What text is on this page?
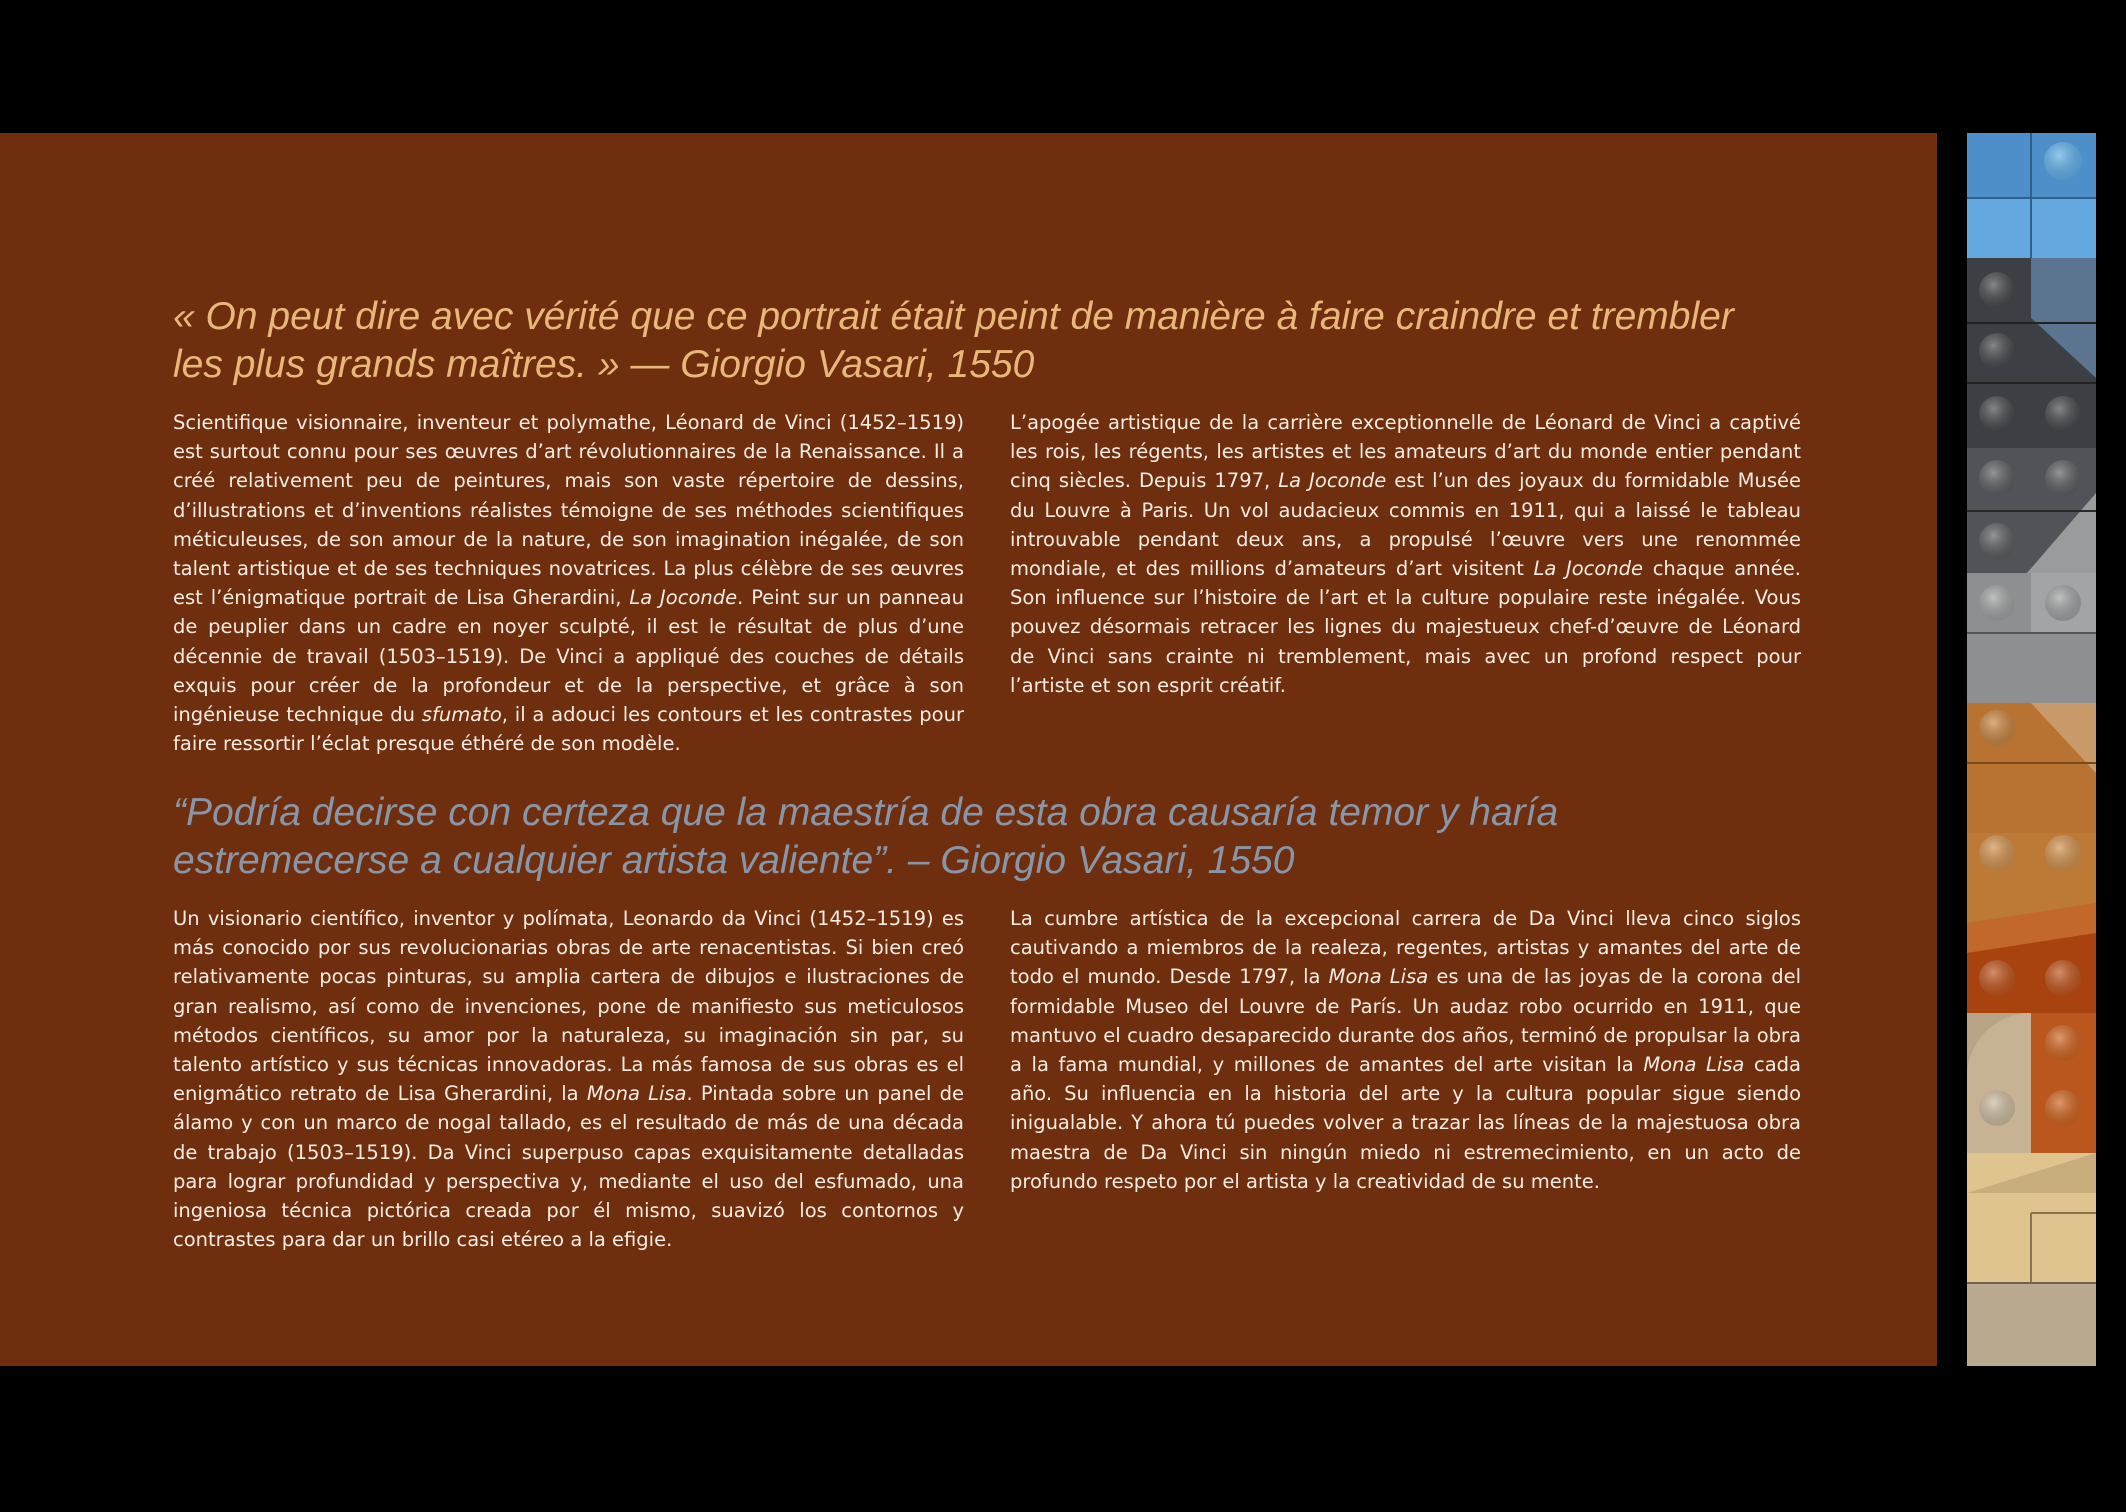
« On peut dire avec vérité que ce portrait était peint de manière à faire craindre et trembler les plus grands maîtres. » — Giorgio Vasari, 1550

Scientifique visionnaire, inventeur et polymathe, Léonard de Vinci (1452–1519) est surtout connu pour ses œuvres d’art révolutionnaires de la Renaissance. Il a créé relativement peu de peintures, mais son vaste répertoire de dessins, d’illustrations et d’inventions réalistes témoigne de ses méthodes scientifiques méticuleuses, de son amour de la nature, de son imagination inégalée, de son talent artistique et de ses techniques novatrices. La plus célèbre de ses œuvres est l’énigmatique portrait de Lisa Gherardini, La Joconde. Peint sur un panneau de peuplier dans un cadre en noyer sculpté, il est le résultat de plus d’une décennie de travail (1503–1519). De Vinci a appliqué des couches de détails exquis pour créer de la profondeur et de la perspective, et grâce à son ingénieuse technique du sfumato, il a adouci les contours et les contrastes pour faire ressortir l’éclat presque éthéré de son modèle.

L’apogée artistique de la carrière exceptionnelle de Léonard de Vinci a captivé les rois, les régents, les artistes et les amateurs d’art du monde entier pendant cinq siècles. Depuis 1797, La Joconde est l’un des joyaux du formidable Musée du Louvre à Paris. Un vol audacieux commis en 1911, qui a laissé le tableau introuvable pendant deux ans, a propulsé l’œuvre vers une renommée mondiale, et des millions d’amateurs d’art visitent La Joconde chaque année. Son influence sur l’histoire de l’art et la culture populaire reste inégalée. Vous pouvez désormais retracer les lignes du majestueux chef-d’œuvre de Léonard de Vinci sans crainte ni tremblement, mais avec un profond respect pour l’artiste et son esprit créatif.

“Podría decirse con certeza que la maestría de esta obra causaría temor y haría estremecerse a cualquier artista valiente”. – Giorgio Vasari, 1550

Un visionario científico, inventor y polímata, Leonardo da Vinci (1452–1519) es más conocido por sus revolucionarias obras de arte renacentistas. Si bien creó relativamente pocas pinturas, su amplia cartera de dibujos e ilustraciones de gran realismo, así como de invenciones, pone de manifiesto sus meticulosos métodos científicos, su amor por la naturaleza, su imaginación sin par, su talento artístico y sus técnicas innovadoras. La más famosa de sus obras es el enigmático retrato de Lisa Gherardini, la Mona Lisa. Pintada sobre un panel de álamo y con un marco de nogal tallado, es el resultado de más de una década de trabajo (1503–1519). Da Vinci superpuso capas exquisitamente detalladas para lograr profundidad y perspectiva y, mediante el uso del esfumado, una ingeniosa técnica pictórica creada por él mismo, suavizó los contornos y contrastes para dar un brillo casi etéreo a la efigie.

La cumbre artística de la excepcional carrera de Da Vinci lleva cinco siglos cautivando a miembros de la realeza, regentes, artistas y amantes del arte de todo el mundo. Desde 1797, la Mona Lisa es una de las joyas de la corona del formidable Museo del Louvre de París. Un audaz robo ocurrido en 1911, que mantuvo el cuadro desaparecido durante dos años, terminó de propulsar la obra a la fama mundial, y millones de amantes del arte visitan la Mona Lisa cada año. Su influencia en la historia del arte y la cultura popular sigue siendo inigualable. Y ahora tú puedes volver a trazar las líneas de la majestuosa obra maestra de Da Vinci sin ningún miedo ni estremecimiento, en un acto de profundo respeto por el artista y la creatividad de su mente.
